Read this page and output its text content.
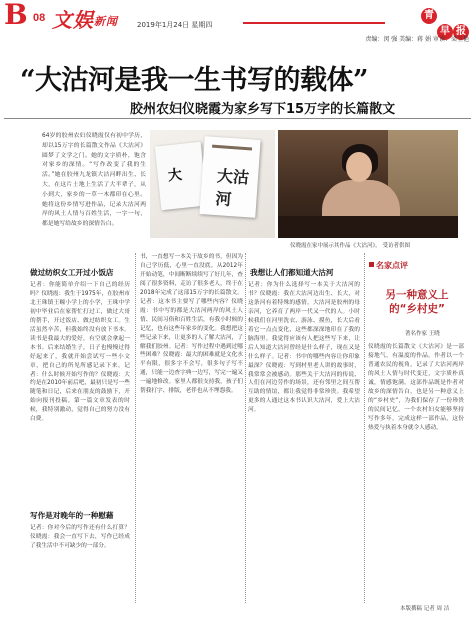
B 08 文娱新闻	2019年1月24日 星期四
青岛 早 报
责编：闵 强 美编：蒋 娟 审读：梁玉艳
“大沽河是我一生书写的载体”
胶州农妇仪晓霞为家乡写下15万字的长篇散文
64岁的胶州农妇仪晓霞仅有初中学历，却以15万字的长篇散文作品《大沽河》圆梦了文学之门。她的文字质朴，饱含对家乡的深情。“写作改变了我的生活。”她在胶州九龙镇大沽河畔出生、长大，在这片土地上生活了大半辈子，从小到大，家乡的一草一木都印在心里。她将这份乡情写进作品，记录大沽河两岸的风土人情与百姓生活，一字一句，都是她写给故乡的深情告白。
大 大沽河
仪晓霞在家中展示其作品《大沽河》。 受访者供图
做过纺织女工开过小饭店
记者：你能简单介绍一下自己的经历吗？仪晓霞：我生于1975年，在胶州市北王珠镇王疃小学上的小学，王珠中学初中毕业后在家帮忙打过工，做过大哥的帮手，开过饭店、做过纺织女工。生活虽然辛苦，但我始终没有放下书本。读书是我最大的爱好，有空就会拿起一本书。后来结婚生子，日子也慢慢过得好起来了，我就开始尝试写一些小文章，把自己的所见所感记录下来。记者：什么时候开始写作的？仪晓霞：大约是在2010年前后吧，最初只是写一些随笔和日记，后来在朋友的鼓励下，开始向报刊投稿。第一篇文章发表的时候，我特别激动，觉得自己的努力没有白费。
书，一直想写一本关于故乡的书，但因为自己学历低，心里一直没底。从2012年开始动笔，中间断断续续写了好几年，查阅了很多资料，走访了很多老人，终于在2018年完成了这部15万字的长篇散文。记者：这本书主要写了哪些内容？仪晓霞：书中写的都是大沽河两岸的风土人情、民间习俗和百姓生活，有我小时候的记忆，也有这些年家乡的变化。我想把这些记录下来，让更多的人了解大沽河，了解我们胶州。记者：写作过程中遇到过哪些困难？仪晓霞：最大的困难就是文化水平有限，很多字不会写，很多句子写不通，只能一边查字典一边写，写完一遍又一遍地修改。家里人都很支持我，孩子们帮我打字、排版，老伴也从不埋怨我。
我想让人们都知道大沽河
记者：你为什么选择写一本关于大沽河的书？仪晓霞：我在大沽河边出生、长大，对这条河有着特殊的感情。大沽河是胶州的母亲河，它养育了两岸一代又一代的人。小时候我们在河里洗衣、游泳、摸鱼，长大后看着它一点点变化，这些都深深地印在了我的脑海里。我觉得应该有人把这些写下来，让后人知道大沽河曾经是什么样子，现在又是什么样子。记者：书中的哪些内容让你印象最深？仪晓霞：写到村里老人讲的故事时，我常常会被感动。那些关于大沽河的传说、人们在河边劳作的场景，还有邻里之间互帮互助的情谊，都让我觉得非常珍贵。我希望更多的人通过这本书认识大沽河，爱上大沽河。
写作是对晚年的一种慰藉
记者：你对今后的写作还有什么打算？仪晓霞：我会一直写下去，写作已经成了我生活中不可缺少的一部分。
名家点评
另一种意义上的“乡村史”
著名作家 王晓
仪晓霞的长篇散文《大沽河》是一部接地气、有温度的作品。作者以一个普通农民的视角，记录了大沽河两岸的风土人情与时代变迁，文字质朴真诚，情感饱满。这部作品既是作者对故乡的深情告白，也是另一种意义上的“乡村史”，为我们保存了一份珍贵的民间记忆。一个农村妇女能够坚持写作多年，完成这样一部作品，这份热爱与执着本身就令人感动。
本版撰稿 记者 周 洁
